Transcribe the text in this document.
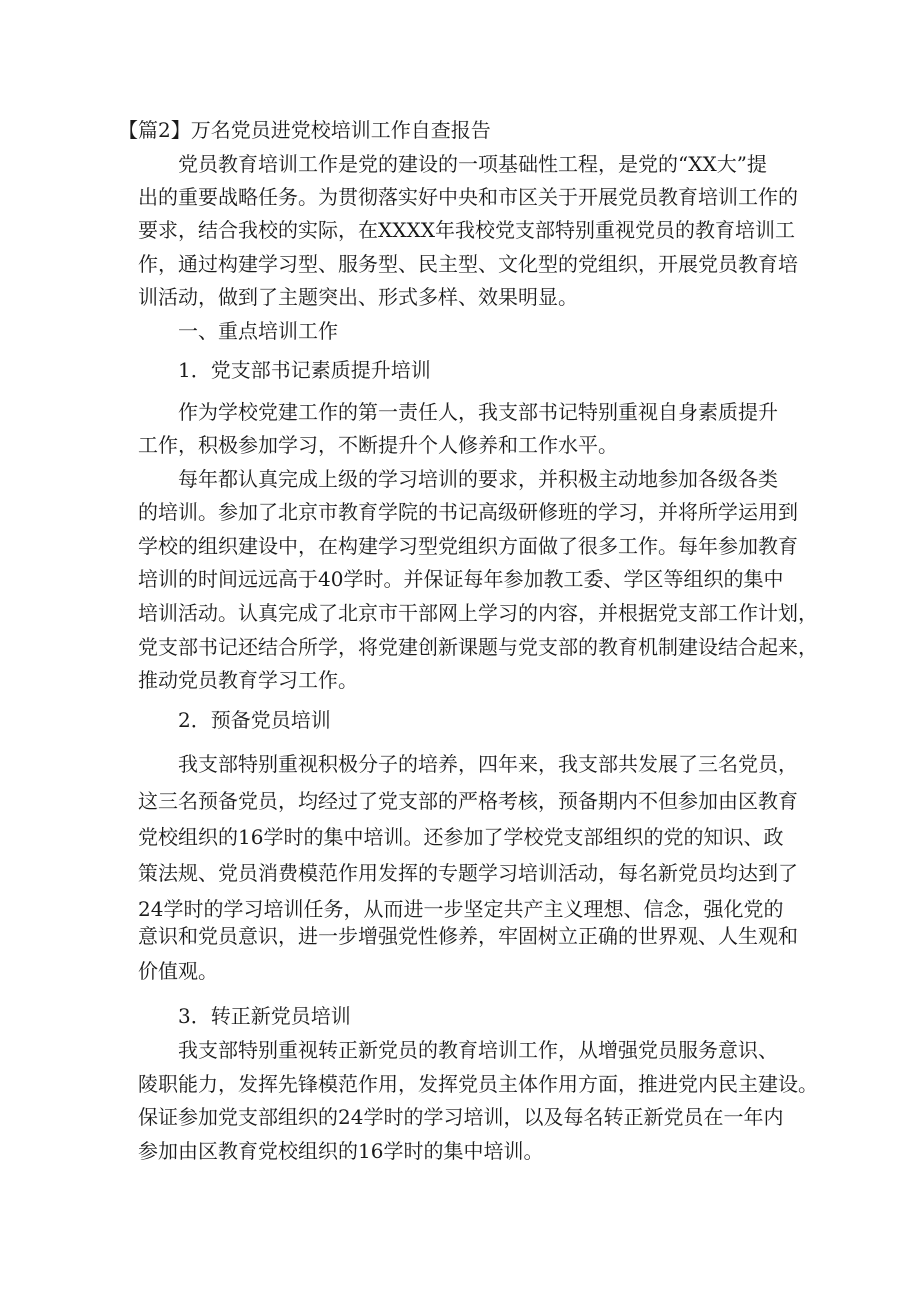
【篇2】万名党员进党校培训工作自查报告
党员教育培训工作是党的建设的一项基础性工程，是党的“XX大”提
出的重要战略任务。为贯彻落实好中央和市区关于开展党员教育培训工作的
要求，结合我校的实际，在XXXX年我校党支部特别重视党员的教育培训工
作，通过构建学习型、服务型、民主型、文化型的党组织，开展党员教育培
训活动，做到了主题突出、形式多样、效果明显。
一、重点培训工作
1．党支部书记素质提升培训
作为学校党建工作的第一责任人，我支部书记特别重视自身素质提升
工作，积极参加学习，不断提升个人修养和工作水平。
每年都认真完成上级的学习培训的要求，并积极主动地参加各级各类
的培训。参加了北京市教育学院的书记高级研修班的学习，并将所学运用到
学校的组织建设中，在构建学习型党组织方面做了很多工作。每年参加教育
培训的时间远远高于40学时。并保证每年参加教工委、学区等组织的集中
培训活动。认真完成了北京市干部网上学习的内容，并根据党支部工作计划，
党支部书记还结合所学，将党建创新课题与党支部的教育机制建设结合起来，
推动党员教育学习工作。
2．预备党员培训
我支部特别重视积极分子的培养，四年来，我支部共发展了三名党员，
这三名预备党员，均经过了党支部的严格考核，预备期内不但参加由区教育
党校组织的16学时的集中培训。还参加了学校党支部组织的党的知识、政
策法规、党员消费模范作用发挥的专题学习培训活动，每名新党员均达到了
24学时的学习培训任务，从而进一步坚定共产主义理想、信念，强化党的
意识和党员意识，进一步增强党性修养，牢固树立正确的世界观、人生观和
价值观。
3．转正新党员培训
我支部特别重视转正新党员的教育培训工作，从增强党员服务意识、
陵职能力，发挥先锋模范作用，发挥党员主体作用方面，推进党内民主建设。
保证参加党支部组织的24学时的学习培训，以及每名转正新党员在一年内
参加由区教育党校组织的16学时的集中培训。
